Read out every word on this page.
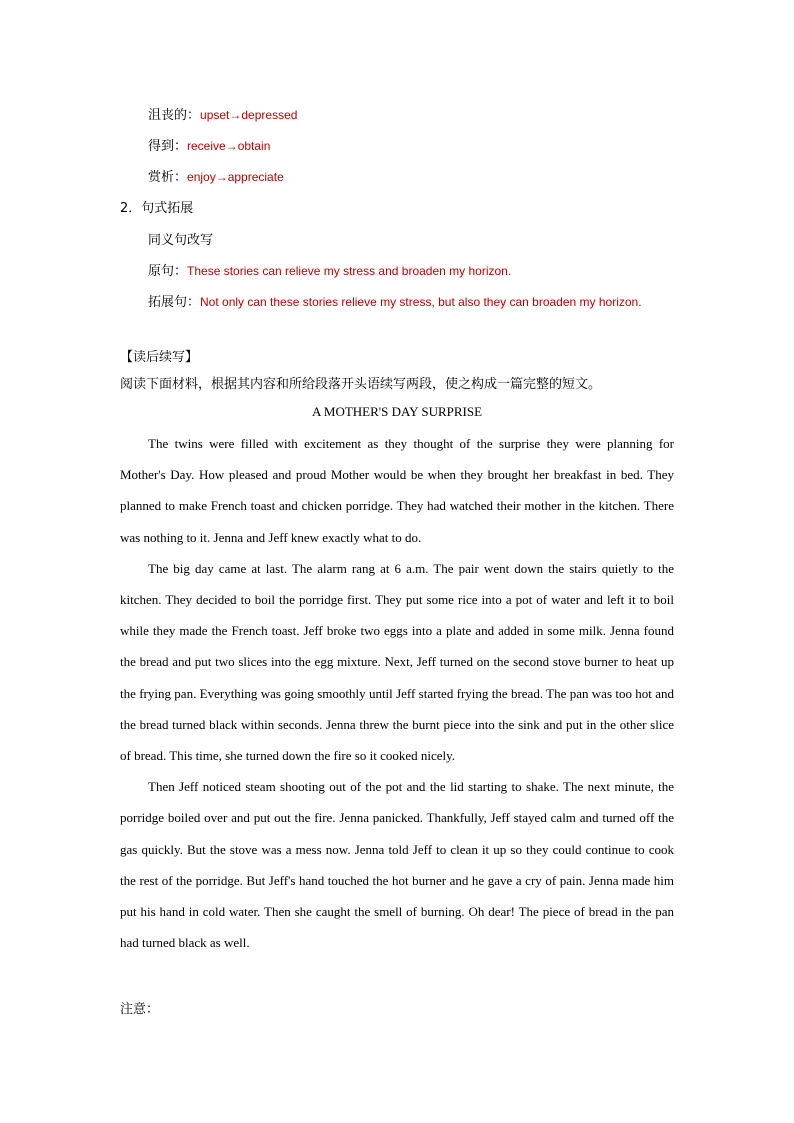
沮丧的：upset→depressed
得到：receive→obtain
赏析：enjoy→appreciate
2．句式拓展
同义句改写
原句：These stories can relieve my stress and broaden my horizon.
拓展句：Not only can these stories relieve my stress, but also they can broaden my horizon.
【读后续写】
阅读下面材料，根据其内容和所给段落开头语续写两段，使之构成一篇完整的短文。
A MOTHER'S DAY SURPRISE

The twins were filled with excitement as they thought of the surprise they were planning for Mother's Day. How pleased and proud Mother would be when they brought her breakfast in bed. They planned to make French toast and chicken porridge. They had watched their mother in the kitchen. There was nothing to it. Jenna and Jeff knew exactly what to do.

The big day came at last. The alarm rang at 6 a.m. The pair went down the stairs quietly to the kitchen. They decided to boil the porridge first. They put some rice into a pot of water and left it to boil while they made the French toast. Jeff broke two eggs into a plate and added in some milk. Jenna found the bread and put two slices into the egg mixture. Next, Jeff turned on the second stove burner to heat up the frying pan. Everything was going smoothly until Jeff started frying the bread. The pan was too hot and the bread turned black within seconds. Jenna threw the burnt piece into the sink and put in the other slice of bread. This time, she turned down the fire so it cooked nicely.

Then Jeff noticed steam shooting out of the pot and the lid starting to shake. The next minute, the porridge boiled over and put out the fire. Jenna panicked. Thankfully, Jeff stayed calm and turned off the gas quickly. But the stove was a mess now. Jenna told Jeff to clean it up so they could continue to cook the rest of the porridge. But Jeff's hand touched the hot burner and he gave a cry of pain. Jenna made him put his hand in cold water. Then she caught the smell of burning. Oh dear! The piece of bread in the pan had turned black as well.

注意：
